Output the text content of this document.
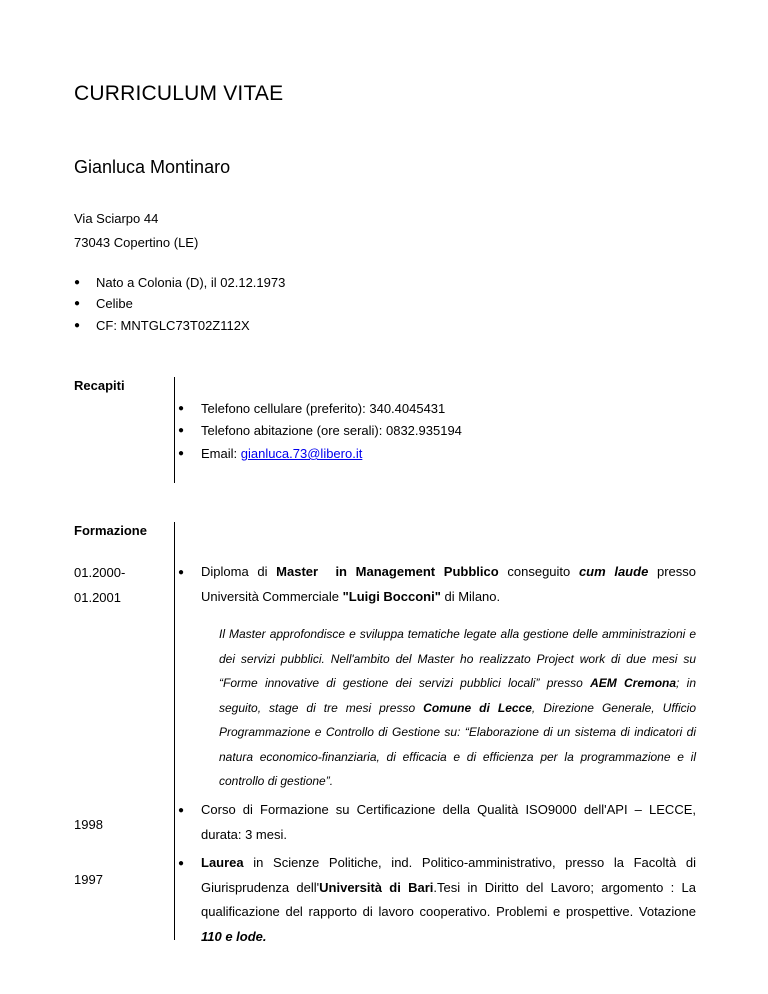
CURRICULUM VITAE
Gianluca Montinaro
Via Sciarpo 44
73043 Copertino (LE)
● Nato a Colonia (D), il 02.12.1973
● Celibe
● CF: MNTGLC73T02Z112X
Recapiti
● Telefono cellulare (preferito): 340.4045431
● Telefono abitazione (ore serali): 0832.935194
● Email: gianluca.73@libero.it
Formazione
01.2000-
01.2001
● Diploma di Master in Management Pubblico conseguito cum laude presso Università Commerciale "Luigi Bocconi" di Milano.

Il Master approfondisce e sviluppa tematiche legate alla gestione delle amministrazioni e dei servizi pubblici. Nell'ambito del Master ho realizzato Project work di due mesi su “Forme innovative di gestione dei servizi pubblici locali” presso AEM Cremona; in seguito, stage di tre mesi presso Comune di Lecce, Direzione Generale, Ufficio Programmazione e Controllo di Gestione su: “Elaborazione di un sistema di indicatori di natura economico-finanziaria, di efficacia e di efficienza per la programmazione e il controllo di gestione”.

1998
● Corso di Formazione su Certificazione della Qualità ISO9000 dell'API – LECCE, durata: 3 mesi.

1997
● Laurea in Scienze Politiche, ind. Politico-amministrativo, presso la Facoltà di Giurisprudenza dell'Università di Bari.Tesi in Diritto del Lavoro; argomento : La qualificazione del rapporto di lavoro cooperativo. Problemi e prospettive. Votazione 110 e lode.
